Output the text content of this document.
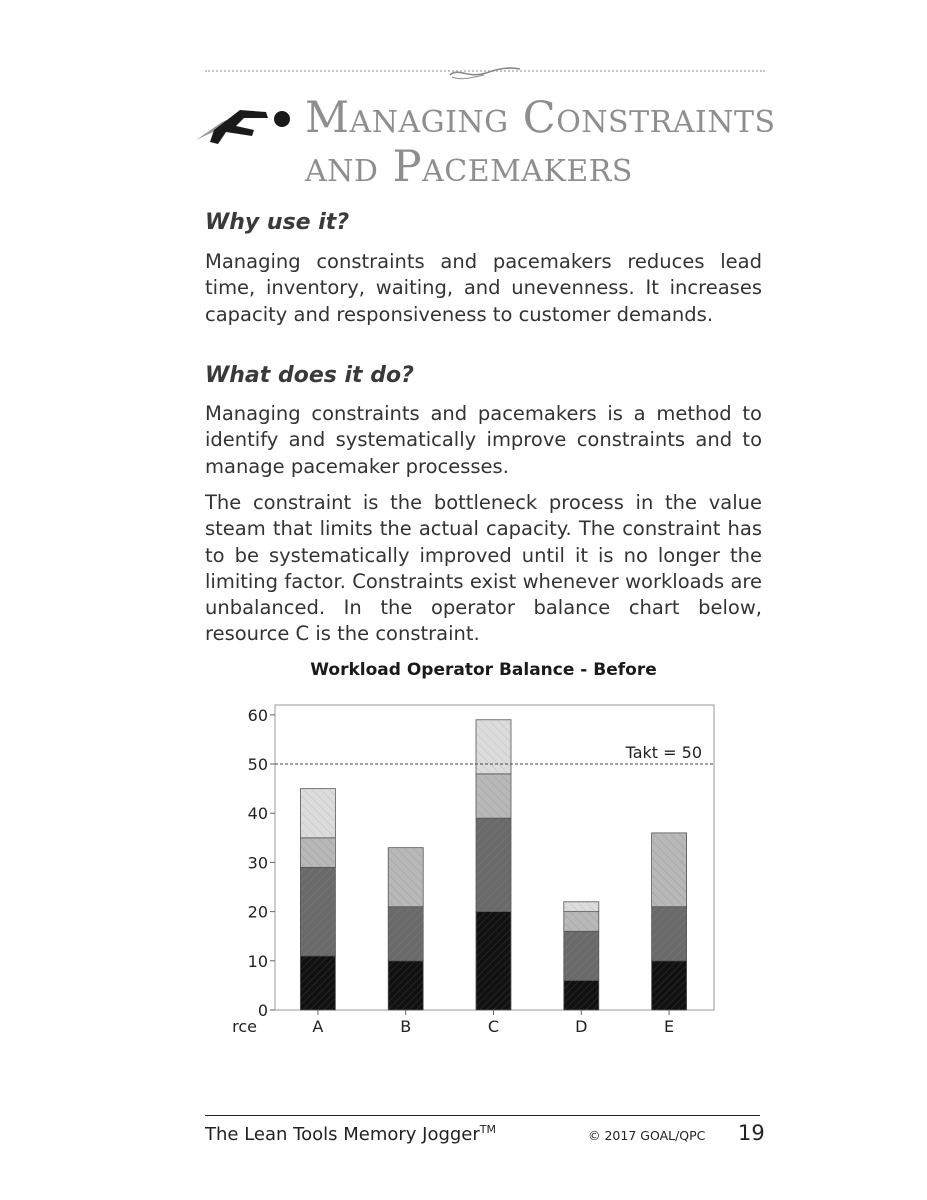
Managing Constraints
and Pacemakers
Why use it?

Managing constraints and pacemakers reduces lead time, inventory, waiting, and unevenness. It increases capacity and responsiveness to customer demands.

What does it do?

Managing constraints and pacemakers is a method to identify and systematically improve constraints and to manage pacemaker processes.

The constraint is the bottleneck process in the value steam that limits the actual capacity. The constraint has to be systematically improved until it is no longer the limiting factor. Constraints exist whenever workloads are unbalanced. In the operator balance chart below, resource C is the constraint.

Workload Operator Balance - Before
0
10
20
30
40
50
60
A	B	C	D	E
Takt = 50
rce
The Lean Tools Memory Jogger™	© 2017 GOAL/QPC 19
